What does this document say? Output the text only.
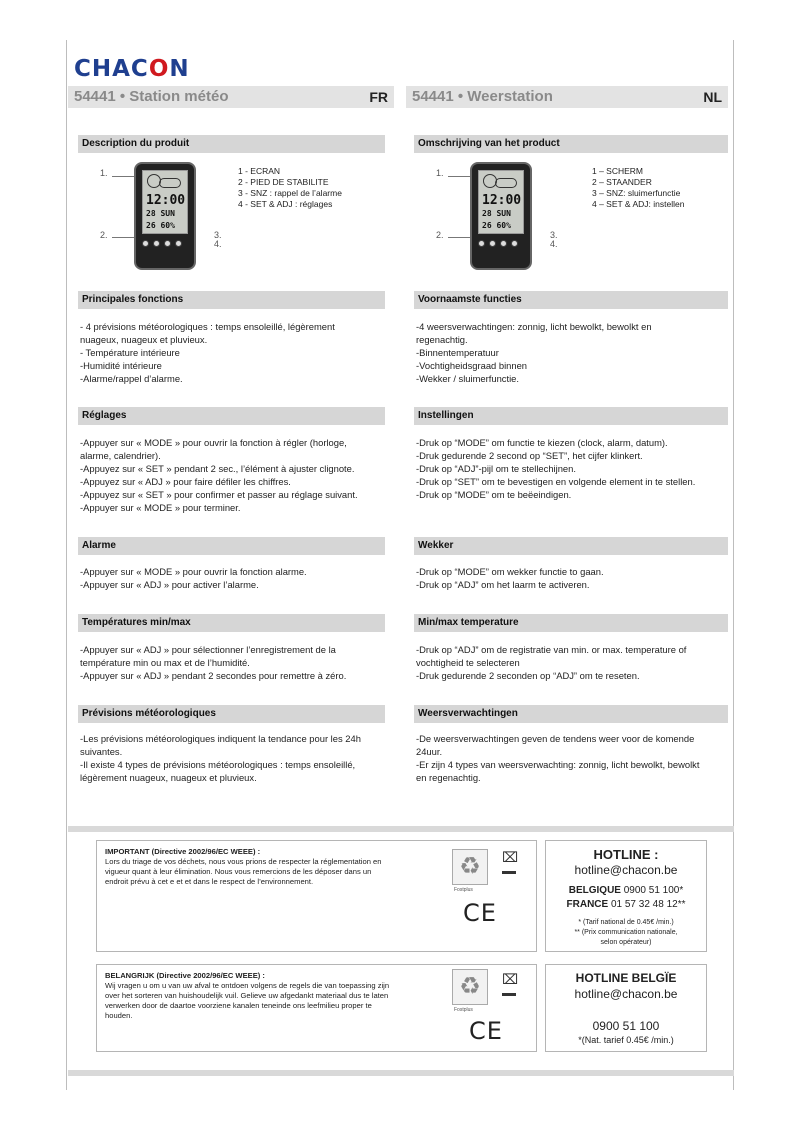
CHACON
54441 • Station météo	FR	54441 • Weerstation	NL
Description du produit
1.
2.	3.
4.
12:00
28 SUN
26 60%
1 - ECRAN
2 - PIED DE STABILITE
3 - SNZ : rappel de l’alarme
4 - SET & ADJ : réglages
Principales fonctions
- 4 prévisions météorologiques : temps ensoleillé, légèrement
nuageux, nuageux et pluvieux.
- Température intérieure
-Humidité intérieure
-Alarme/rappel d’alarme.
Réglages
-Appuyer sur « MODE » pour ouvrir la fonction à régler (horloge,
alarme, calendrier).
-Appuyez sur « SET » pendant 2 sec., l’élément à ajuster clignote.
-Appuyez sur « ADJ » pour faire défiler les chiffres.
-Appuyez sur « SET » pour confirmer et passer au réglage suivant.
-Appuyer sur « MODE » pour terminer.
Alarme
-Appuyer sur « MODE » pour ouvrir la fonction alarme.
-Appuyer sur « ADJ » pour activer l’alarme.
Températures min/max
-Appuyer sur « ADJ » pour sélectionner l’enregistrement de la
température min ou max et de l’humidité.
-Appuyer sur « ADJ » pendant 2 secondes pour remettre à zéro.
Prévisions météorologiques
-Les prévisions météorologiques indiquent la tendance pour les 24h
suivantes.
-Il existe 4 types de prévisions météorologiques : temps ensoleillé,
légèrement nuageux, nuageux et pluvieux.
Omschrijving van het product
1.
2.	3.
4.
12:00
28 SUN
26 60%
1 – SCHERM
2 – STAANDER
3 – SNZ: sluimerfunctie
4 – SET & ADJ: instellen
Voornaamste functies
-4 weersverwachtingen: zonnig, licht bewolkt, bewolkt en
regenachtig.
-Binnentemperatuur
-Vochtigheidsgraad binnen
-Wekker / sluimerfunctie.
Instellingen
-Druk op “MODE” om functie te kiezen (clock, alarm, datum).
-Druk gedurende 2 second op “SET”, het cijfer klinkert.
-Druk op “ADJ”-pijl om te stellechijnen.
-Druk op “SET” om te bevestigen en volgende element in te stellen.
-Druk op “MODE” om te beëeindigen.
Wekker
-Druk op “MODE” om wekker functie to gaan.
-Druk op “ADJ” om het laarm te activeren.
Min/max temperature
-Druk op “ADJ” om de registratie van min. or max. temperature of
vochtigheid te selecteren
-Druk gedurende 2 seconden op “ADJ” om te reseten.
Weersverwachtingen
-De weersverwachtingen geven de tendens weer voor de komende
24uur.
-Er zijn 4 types van weersverwachting: zonnig, licht bewolkt, bewolkt
en regenachtig.
IMPORTANT (Directive 2002/96/EC WEEE) :
Lors du triage de vos déchets, nous vous prions de respecter la réglementation en
vigueur quant à leur élimination. Nous vous remercions de les déposer dans un
endroit prévu à cet e et et dans le respect de l’environnement.
♻
Fostplus
⌧
CE
BELANGRIJK (Directive 2002/96/EC WEEE) :
Wij vragen u om u van uw afval te ontdoen volgens de regels die van toepassing zijn
over het sorteren van huishoudelijk vuil. Gelieve uw afgedankt materiaal dus te laten
verwerken door de daartoe voorziene kanalen teneinde ons leefmilieu proper te
houden.
♻
Fostplus
⌧
CE
HOTLINE :
hotline@chacon.be
BELGIQUE 0900 51 100*
FRANCE 01 57 32 48 12**
* (Tarif national de 0.45€ /min.)
** (Prix communication nationale,
selon opérateur)
HOTLINE BELGÏE
hotline@chacon.be
0900 51 100
*(Nat. tarief 0.45€ /min.)
